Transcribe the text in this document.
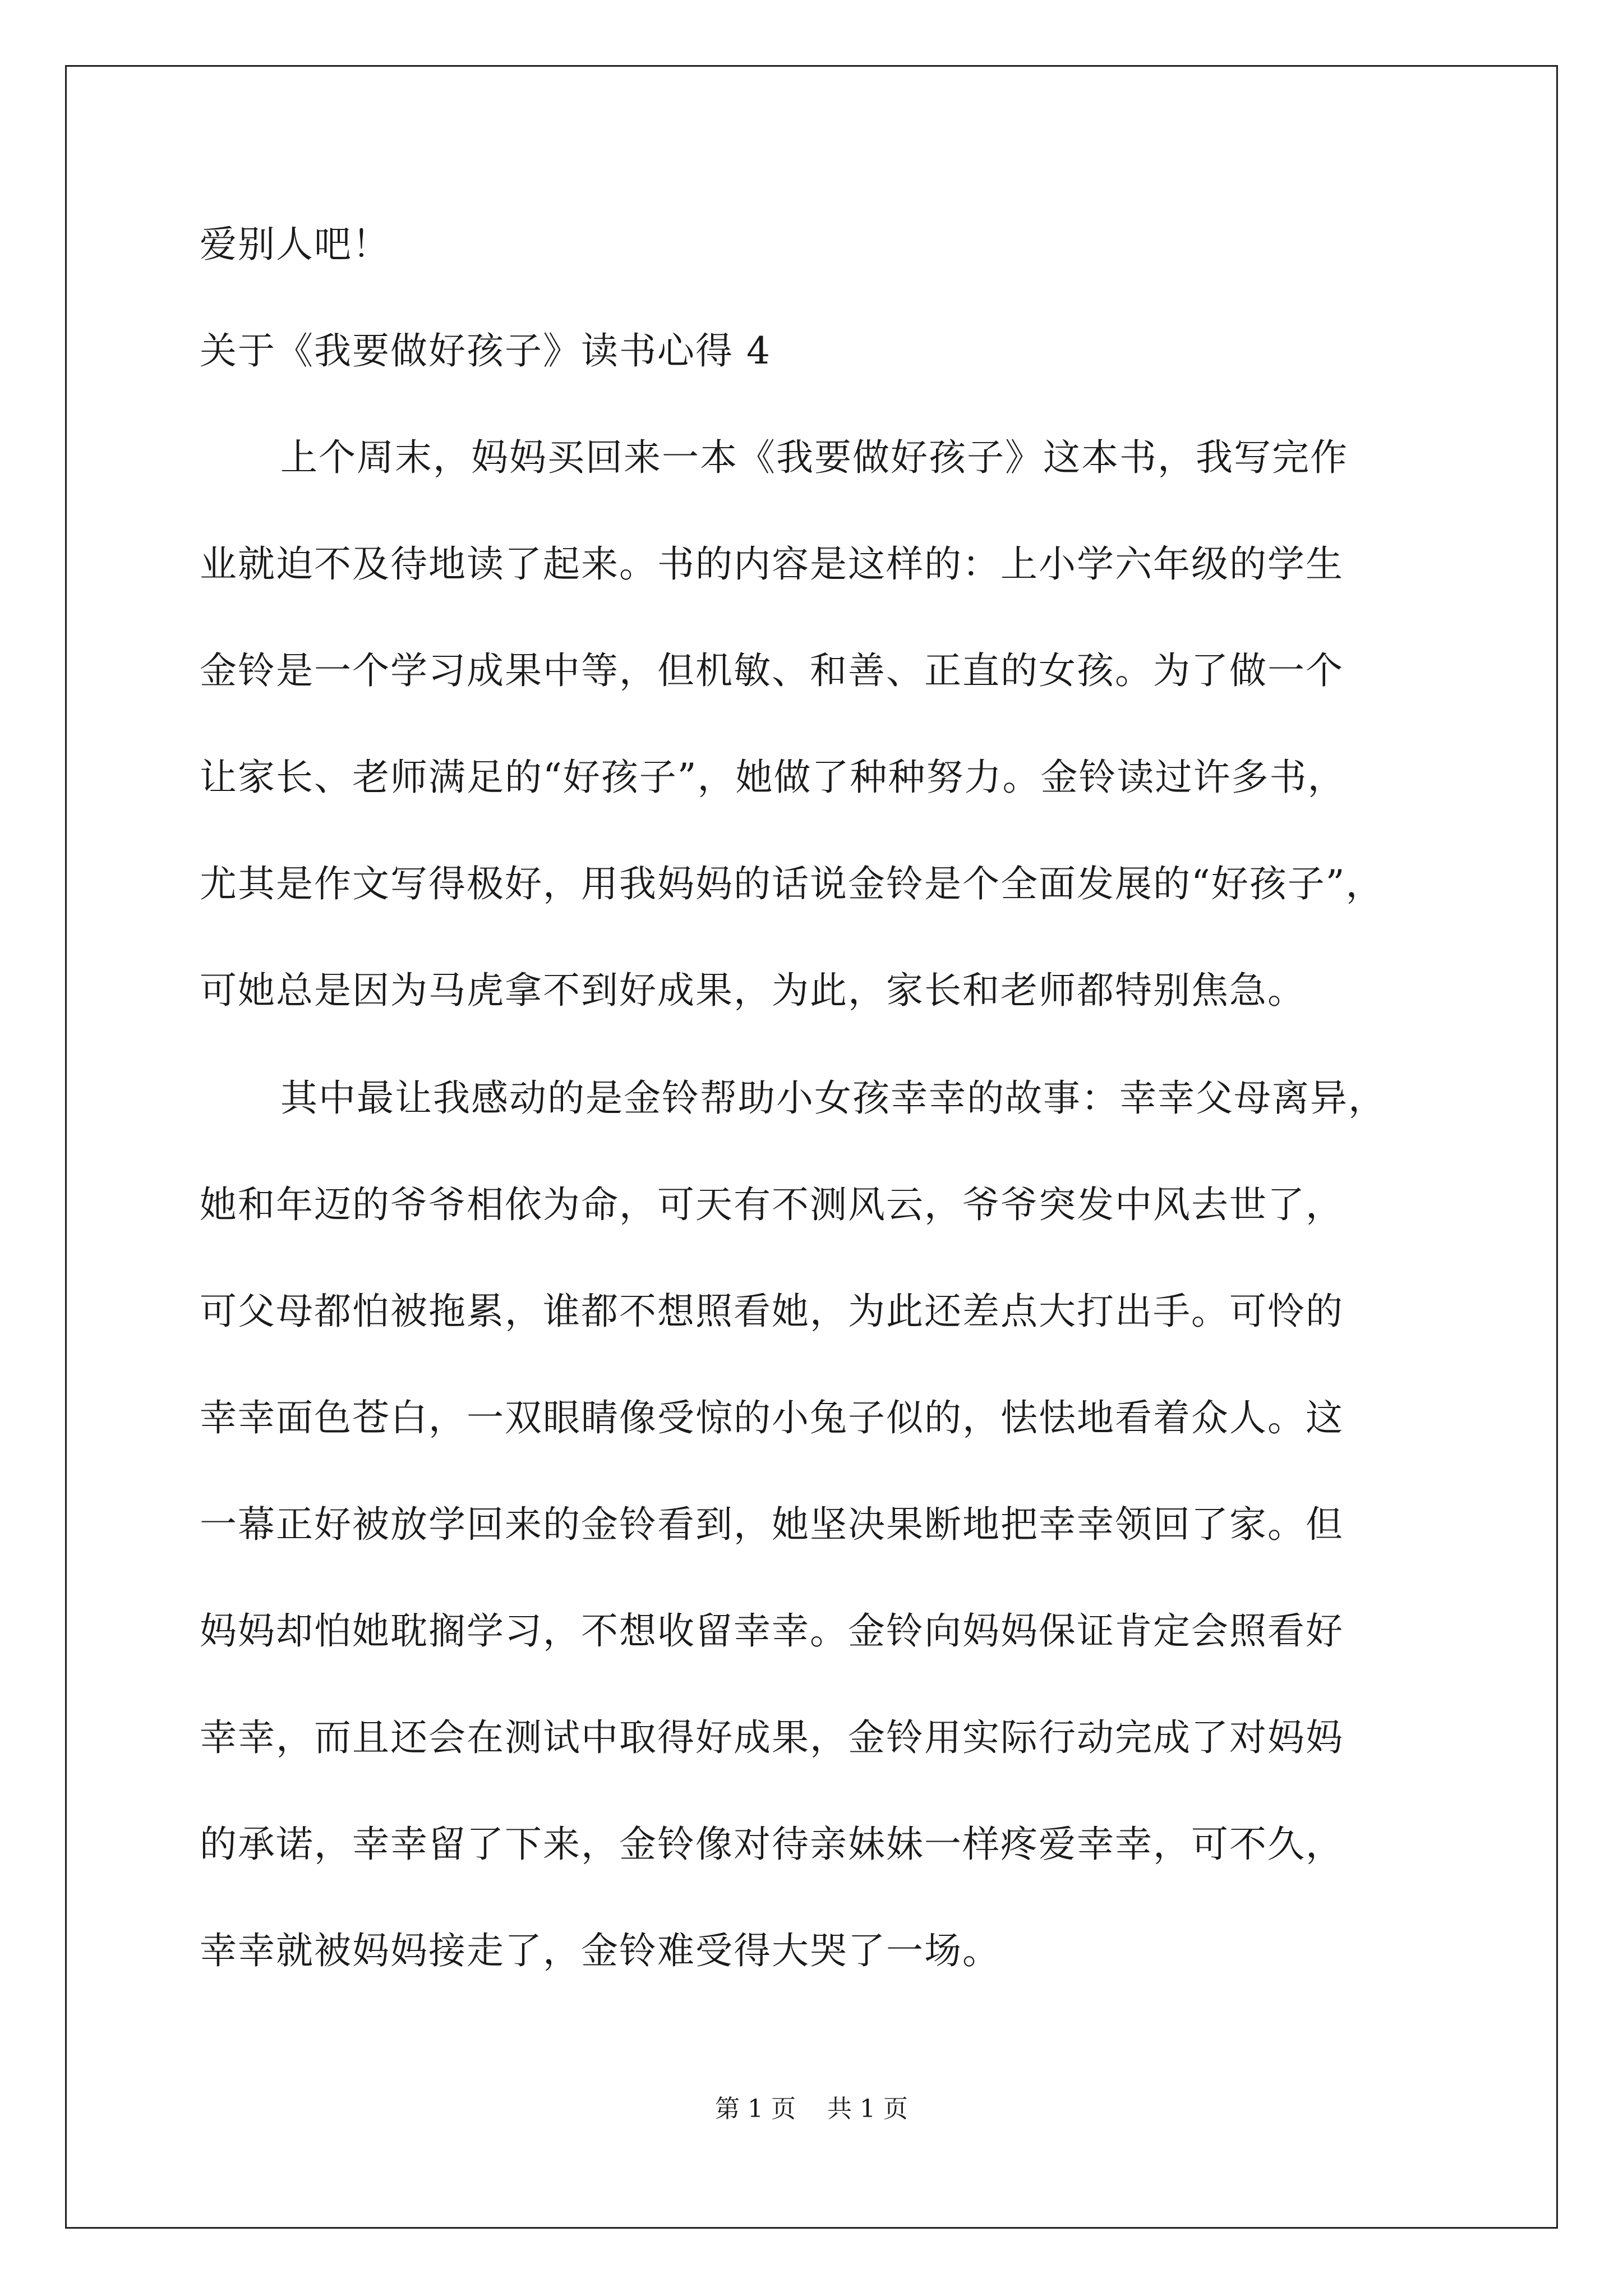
爱别人吧！
关于《我要做好孩子》读书心得 4
上个周末，妈妈买回来一本《我要做好孩子》这本书，我写完作
业就迫不及待地读了起来。书的内容是这样的：上小学六年级的学生
金铃是一个学习成果中等，但机敏、和善、正直的女孩。为了做一个
让家长、老师满足的“好孩子”，她做了种种努力。金铃读过许多书，
尤其是作文写得极好，用我妈妈的话说金铃是个全面发展的“好孩子”，
可她总是因为马虎拿不到好成果，为此，家长和老师都特别焦急。
其中最让我感动的是金铃帮助小女孩幸幸的故事：幸幸父母离异，
她和年迈的爷爷相依为命，可天有不测风云，爷爷突发中风去世了，
可父母都怕被拖累，谁都不想照看她，为此还差点大打出手。可怜的
幸幸面色苍白，一双眼睛像受惊的小兔子似的，怯怯地看着众人。这
一幕正好被放学回来的金铃看到，她坚决果断地把幸幸领回了家。但
妈妈却怕她耽搁学习，不想收留幸幸。金铃向妈妈保证肯定会照看好
幸幸，而且还会在测试中取得好成果，金铃用实际行动完成了对妈妈
的承诺，幸幸留了下来，金铃像对待亲妹妹一样疼爱幸幸，可不久，
幸幸就被妈妈接走了，金铃难受得大哭了一场。
第 1 页    共 1 页
